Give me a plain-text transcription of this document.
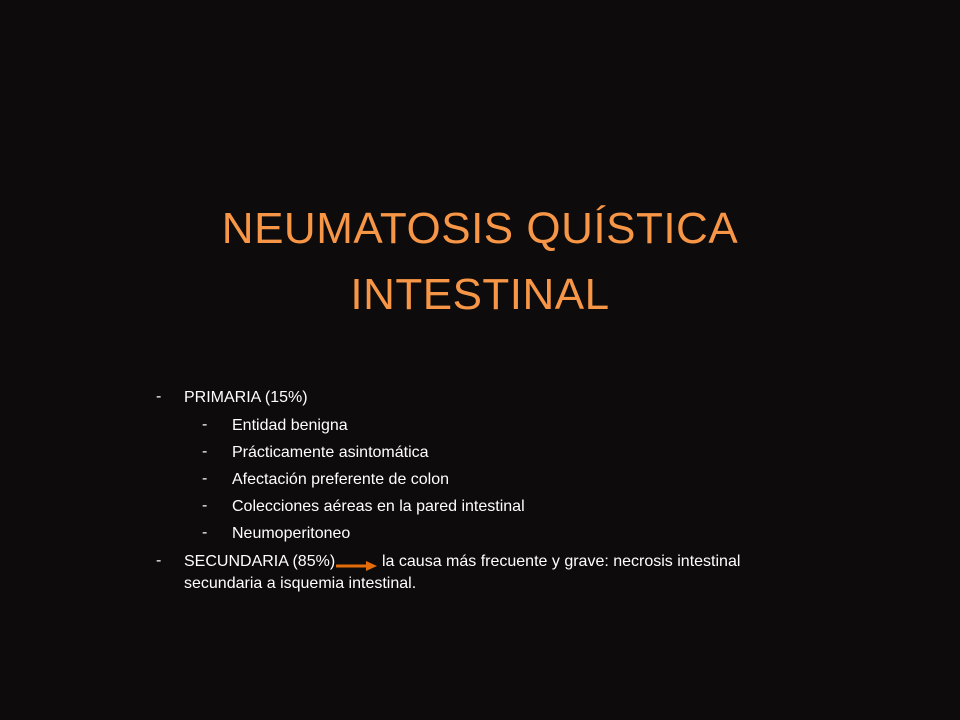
NEUMATOSIS QUÍSTICA
INTESTINAL
- PRIMARIA (15%)
- Entidad benigna
- Prácticamente asintomática
- Afectación preferente de colon
- Colecciones aéreas en la pared intestinal
- Neumoperitoneo
- SECUNDARIA (85%)	la causa más frecuente y grave: necrosis intestinal
secundaria a isquemia intestinal.
